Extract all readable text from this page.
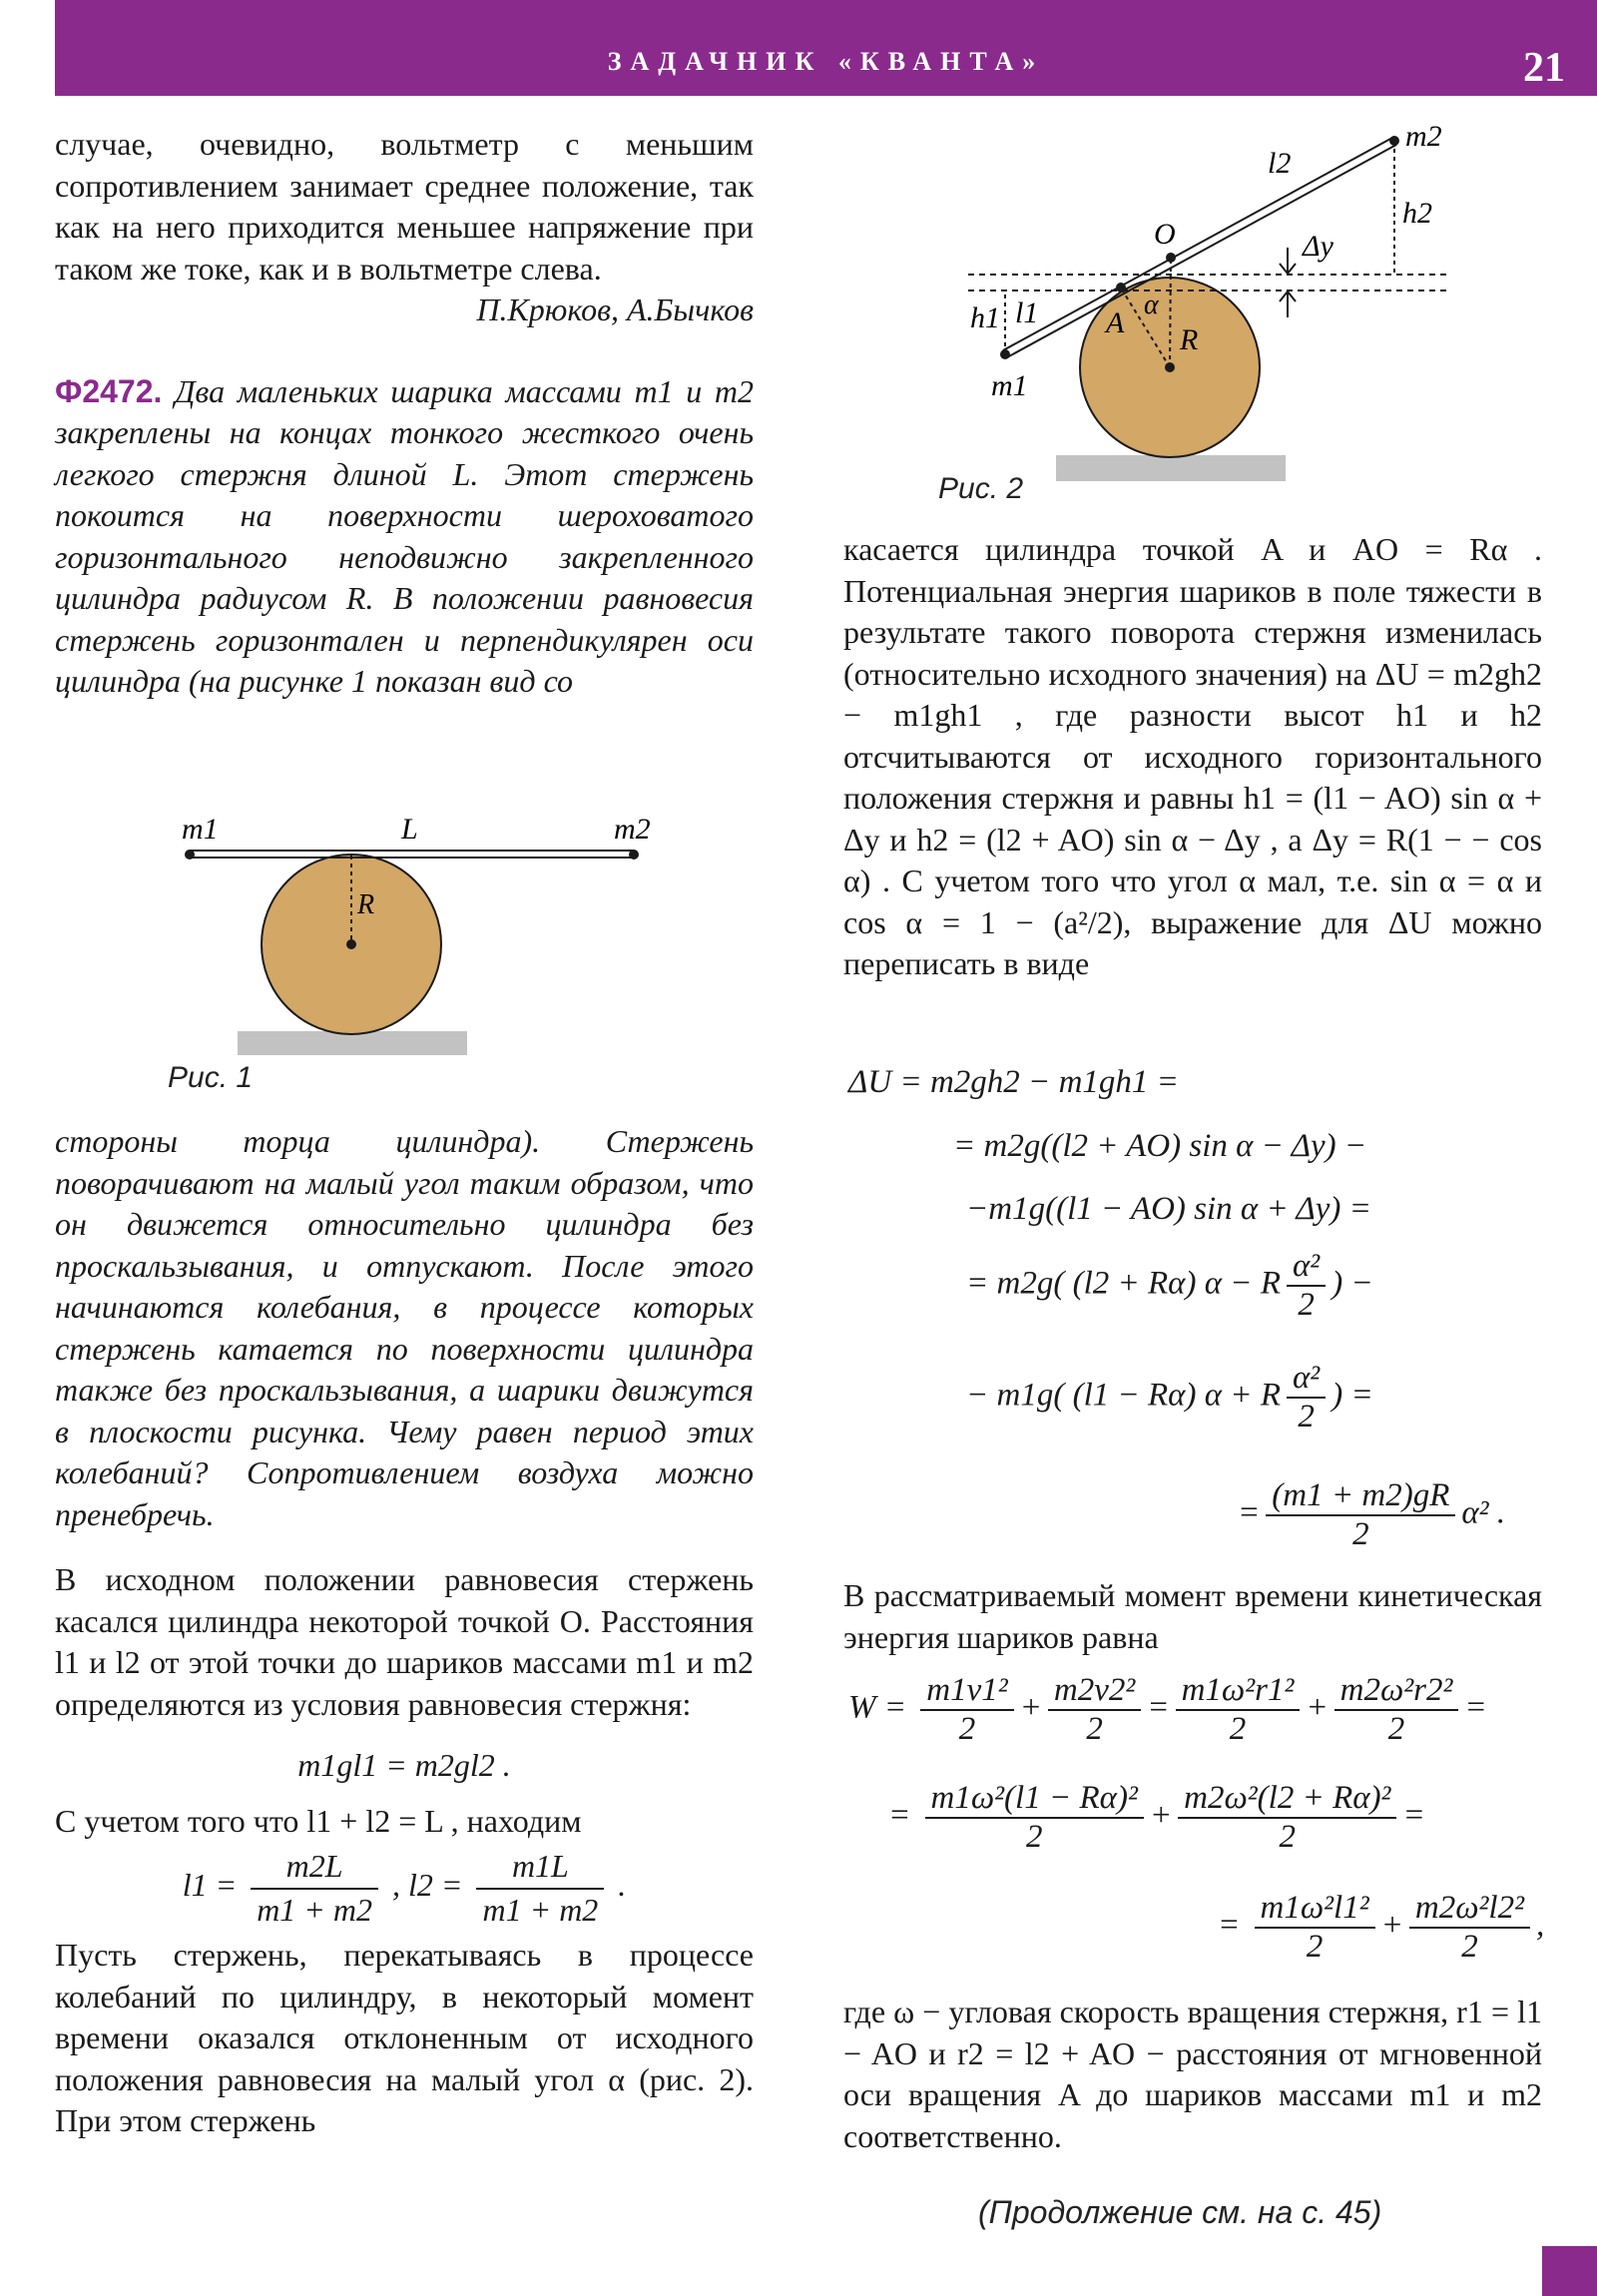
ЗАДАЧНИК «КВАНТА»	21

случае, очевидно, вольтметр с меньшим сопротивлением занимает среднее положение, так как на него приходится меньшее напряжение при таком же токе, как и в вольтметре слева.

П.Крюков, А.Бычков

Ф2472. Два маленьких шарика массами m1 и m2 закреплены на концах тонкого жесткого очень легкого стержня длиной L. Этот стержень покоится на поверхности шероховатого горизонтального неподвижно закрепленного цилиндра радиусом R. В положении равновесия стержень горизонтален и перпендикулярен оси цилиндра (на рисунке 1 показан вид со

m1	L	m2
R
Рис. 1

стороны торца цилиндра). Стержень поворачивают на малый угол таким образом, что он движется относительно цилиндра без проскальзывания, и отпускают. После этого начинаются колебания, в процессе которых стержень катается по поверхности цилиндра также без проскальзывания, а шарики движутся в плоскости рисунка. Чему равен период этих колебаний? Сопротивлением воздуха можно пренебречь.

В исходном положении равновесия стержень касался цилиндра некоторой точкой O. Расстояния l1 и l2 от этой точки до шариков массами m1 и m2 определяются из условия равновесия стержня:

m1gl1 = m2gl2 .

С учетом того что l1 + l2 = L , находим

$l1 = \frac{m2L}{m1 + m2}$ , $l2 = \frac{m1L}{m1 + m2}$ .

Пусть стержень, перекатываясь в процессе колебаний по цилиндру, в некоторый момент времени оказался отклоненным от исходного положения равновесия на малый угол α (рис. 2). При этом стержень

m2
l2
h2
O	Δy
α
A
R
h1 l1
m1
Рис. 2

касается цилиндра точкой A и AO = Rα . Потенциальная энергия шариков в поле тяжести в результате такого поворота стержня изменилась (относительно исходного значения) на ΔU = m2gh2 − m1gh1 , где разности высот h1 и h2 отсчитываются от исходного горизонтального положения стержня и равны h1 = (l1 − AO) sin α + Δy и h2 = (l2 + AO) sin α − Δy , а Δy = R(1 − − cos α) . С учетом того что угол α мал, т.е. sin α = α и cos α = 1 − (a²/2), выражение для ΔU можно переписать в виде

ΔU = m2gh2 − m1gh1 =
= m2g((l2 + AO) sin α − Δy) −
−m1g((l1 − AO) sin α + Δy) =
= m2g( (l2 + Rα) α − R $\frac{\text{α²}}{2}$ ) −
− m1g( (l1 − Rα) α + R $\frac{\text{α²}}{2}$ ) =
= $\frac{(m1 + m2)gR}{2} \alpha^2$ .

В рассматриваемый момент времени кинетическая энергия шариков равна

$W = \frac{\text{m1v1²}}{2} + \frac{\text{m2v2²}}{2} = \frac{\text{m1ω²r1²}}{2} + \frac{\text{m2ω²r2²}}{2}$ =
= $\frac{\text{m1ω²(l1 − Rα)²}}{2} + \frac{\text{m2ω²(l2 + Rα)²}}{2}$ =
= $\frac{\text{m1ω²l1²}}{2} + \frac{\text{m2ω²l2²}}{2}$ ,

где ω − угловая скорость вращения стержня, r1 = l1 − AO и r2 = l2 + AO − расстояния от мгновенной оси вращения A до шариков массами m1 и m2 соответственно.

(Продолжение см. на с. 45)
